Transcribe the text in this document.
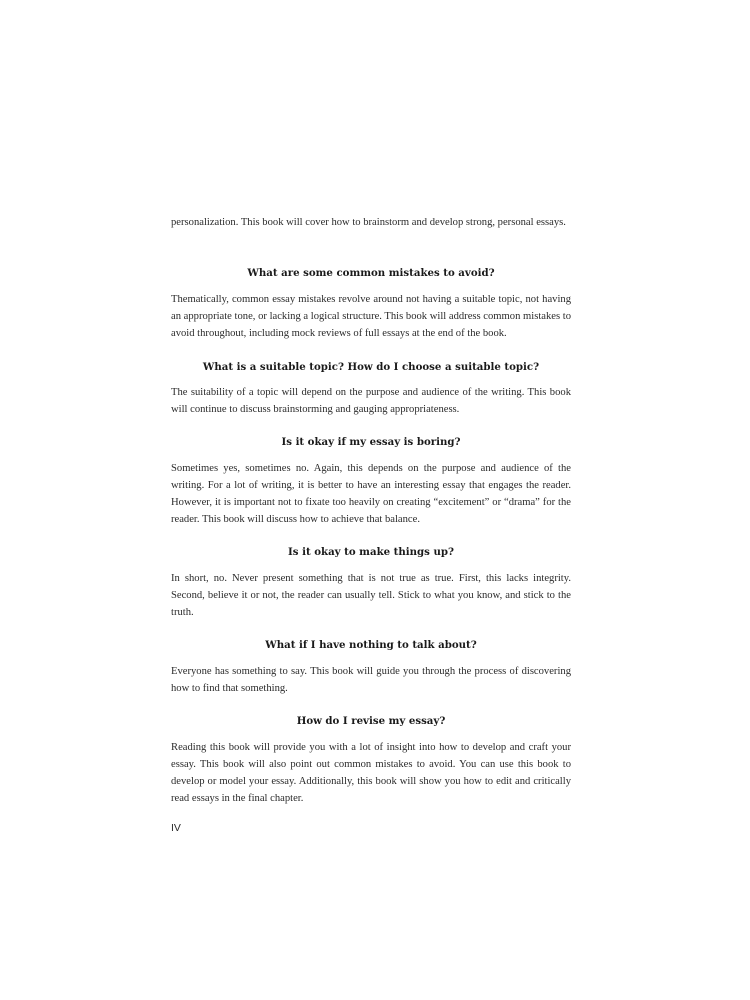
personalization. This book will cover how to brainstorm and develop strong, personal essays.

What are some common mistakes to avoid?

Thematically, common essay mistakes revolve around not having a suitable topic, not having an appropriate tone, or lacking a logical structure. This book will address common mistakes to avoid throughout, including mock reviews of full essays at the end of the book.

What is a suitable topic? How do I choose a suitable topic?

The suitability of a topic will depend on the purpose and audience of the writing. This book will continue to discuss brainstorming and gauging appropriateness.

Is it okay if my essay is boring?

Sometimes yes, sometimes no. Again, this depends on the purpose and audience of the writing. For a lot of writing, it is better to have an interesting essay that engages the reader. However, it is important not to fixate too heavily on creating “excitement” or “drama” for the reader. This book will discuss how to achieve that balance.

Is it okay to make things up?

In short, no. Never present something that is not true as true. First, this lacks integrity. Second, believe it or not, the reader can usually tell. Stick to what you know, and stick to the truth.

What if I have nothing to talk about?

Everyone has something to say. This book will guide you through the process of discovering how to find that something.

How do I revise my essay?

Reading this book will provide you with a lot of insight into how to develop and craft your essay. This book will also point out common mistakes to avoid. You can use this book to develop or model your essay. Additionally, this book will show you how to edit and critically read essays in the final chapter.

IV
